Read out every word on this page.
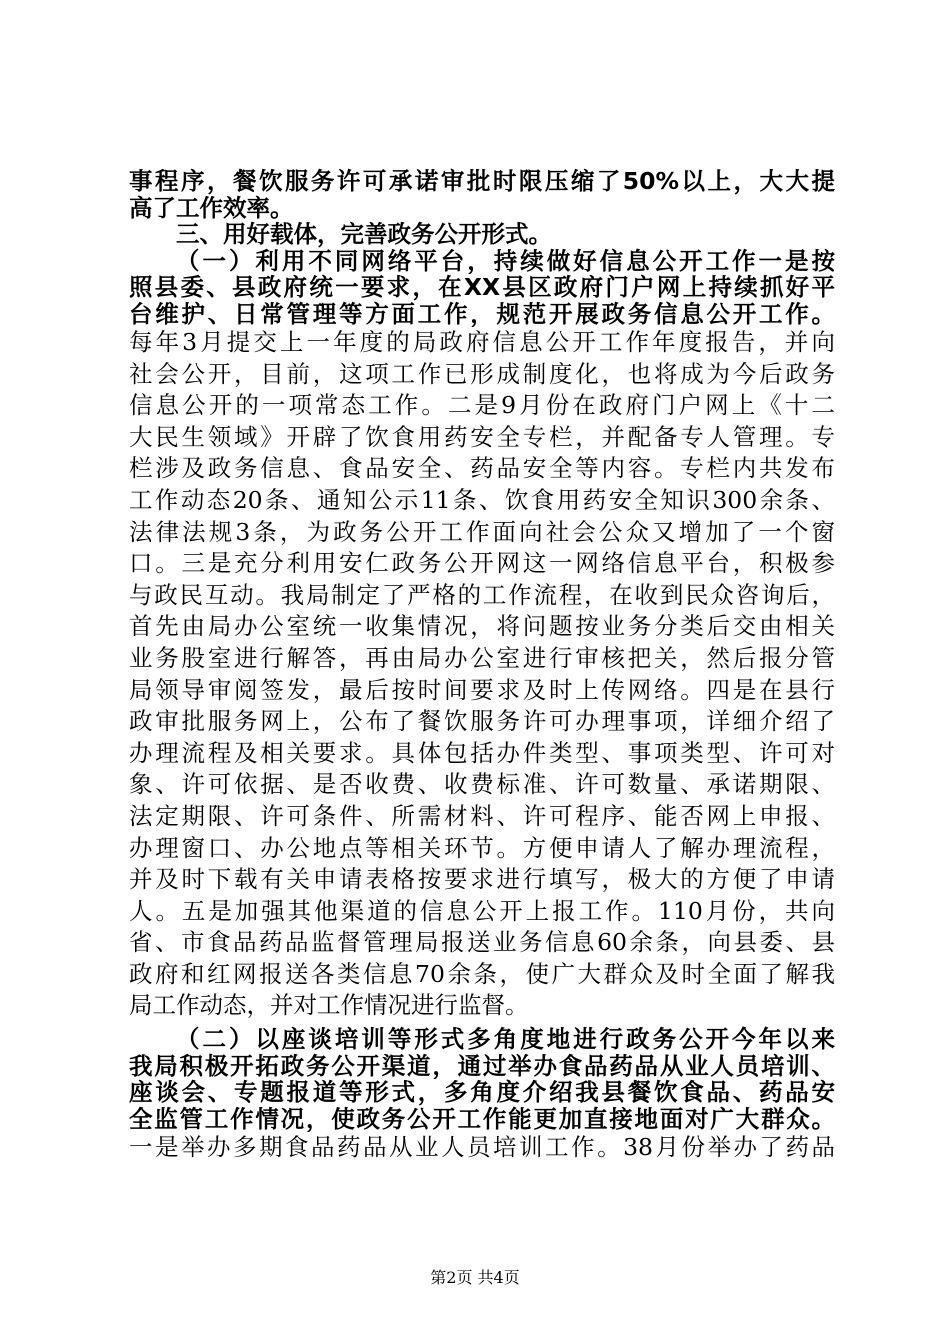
事程序，餐饮服务许可承诺审批时限压缩了50%以上，大大提
高了工作效率。
三、用好载体，完善政务公开形式。
（一）利用不同网络平台，持续做好信息公开工作一是按
照县委、县政府统一要求，在XX县区政府门户网上持续抓好平
台维护、日常管理等方面工作，规范开展政务信息公开工作。
每年3月提交上一年度的局政府信息公开工作年度报告，并向
社会公开，目前，这项工作已形成制度化，也将成为今后政务
信息公开的一项常态工作。二是9月份在政府门户网上《十二
大民生领域》开辟了饮食用药安全专栏，并配备专人管理。专
栏涉及政务信息、食品安全、药品安全等内容。专栏内共发布
工作动态20条、通知公示11条、饮食用药安全知识300余条、
法律法规3条，为政务公开工作面向社会公众又增加了一个窗
口。三是充分利用安仁政务公开网这一网络信息平台，积极参
与政民互动。我局制定了严格的工作流程，在收到民众咨询后，
首先由局办公室统一收集情况，将问题按业务分类后交由相关
业务股室进行解答，再由局办公室进行审核把关，然后报分管
局领导审阅签发，最后按时间要求及时上传网络。四是在县行
政审批服务网上，公布了餐饮服务许可办理事项，详细介绍了
办理流程及相关要求。具体包括办件类型、事项类型、许可对
象、许可依据、是否收费、收费标准、许可数量、承诺期限、
法定期限、许可条件、所需材料、许可程序、能否网上申报、
办理窗口、办公地点等相关环节。方便申请人了解办理流程，
并及时下载有关申请表格按要求进行填写，极大的方便了申请
人。五是加强其他渠道的信息公开上报工作。110月份，共向
省、市食品药品监督管理局报送业务信息60余条，向县委、县
政府和红网报送各类信息70余条，使广大群众及时全面了解我
局工作动态，并对工作情况进行监督。
（二）以座谈培训等形式多角度地进行政务公开今年以来
我局积极开拓政务公开渠道，通过举办食品药品从业人员培训、
座谈会、专题报道等形式，多角度介绍我县餐饮食品、药品安
全监管工作情况，使政务公开工作能更加直接地面对广大群众。
一是举办多期食品药品从业人员培训工作。38月份举办了药品
第2页 共4页
